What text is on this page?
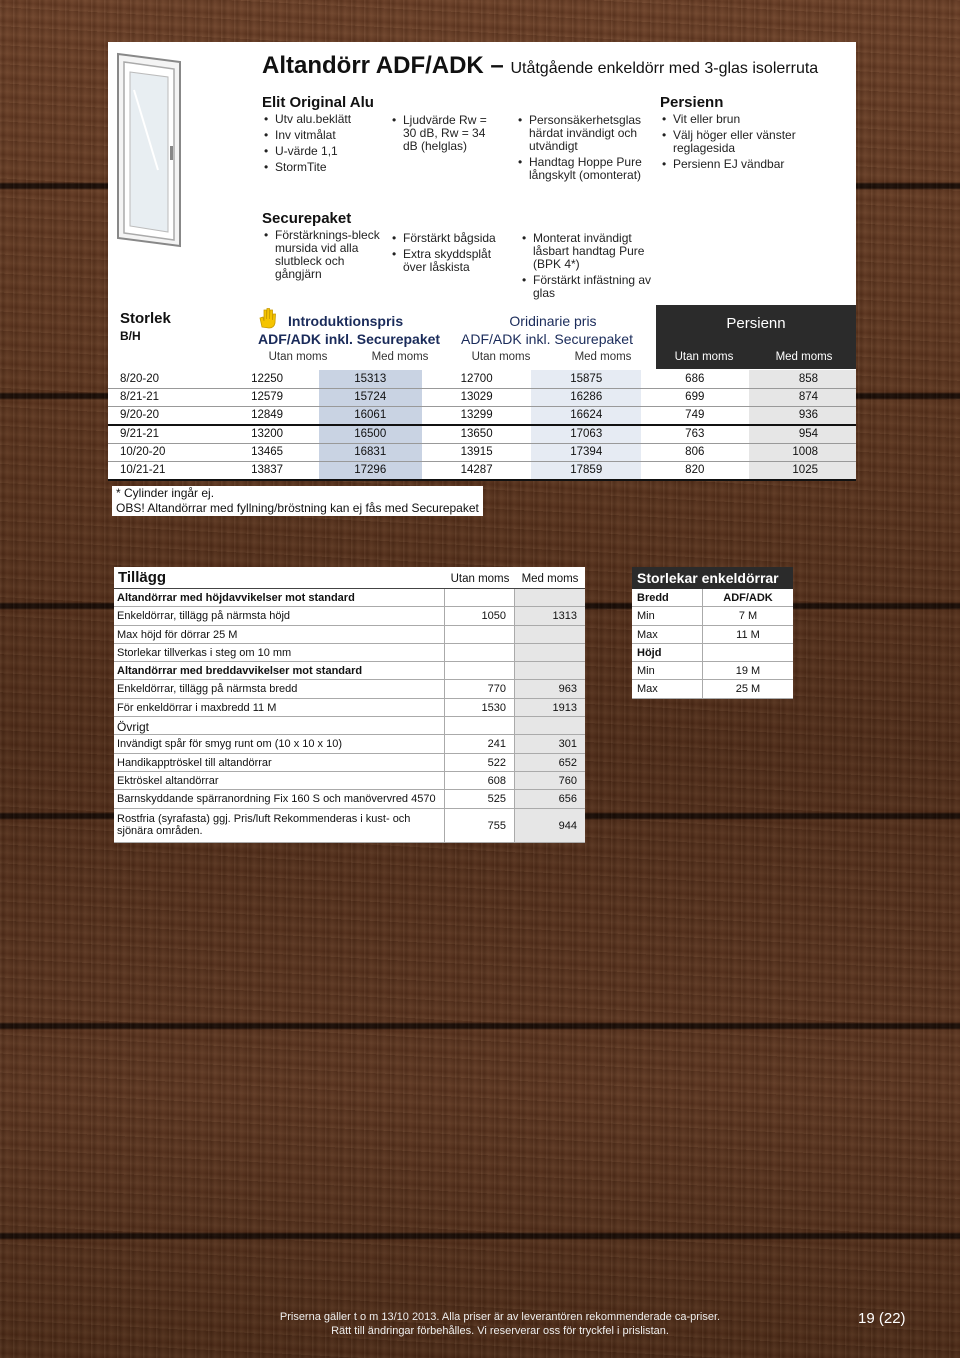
Altandörr ADF/ADK – Utåtgående enkeldörr med 3-glas isolerruta
Elit Original Alu
• Utv alu.beklätt
• Inv vitmålat
• U-värde 1,1
• StormTite
• Ljudvärde Rw = 30 dB, Rw = 34 dB (helglas)
• Personsäkerhetsglas härdat invändigt och utvändigt
• Handtag Hoppe Pure långskylt (omonterat)
Persienn
• Vit eller brun
• Välj höger eller vänster reglagesida
• Persienn EJ vändbar
Securepaket
• Förstärknings-bleck mursida vid alla slutbleck och gångjärn
• Förstärkt bågsida
• Extra skyddsplåt över låskista
• Monterat invändigt låsbart handtag Pure (BPK 4*)
• Förstärkt infästning av glas
Storlek
B/H
Introduktionspris
ADF/ADK inkl. Securepaket
Utan moms	Med moms
Oridinarie pris
ADF/ADK inkl. Securepaket
Utan moms	Med moms
Persienn
Utan moms	Med moms
8/20-20	12250	15313	12700	15875	686	858
8/21-21	12579	15724	13029	16286	699	874
9/20-20	12849	16061	13299	16624	749	936
9/21-21	13200	16500	13650	17063	763	954
10/20-20	13465	16831	13915	17394	806	1008
10/21-21	13837	17296	14287	17859	820	1025
* Cylinder ingår ej.
OBS! Altandörrar med fyllning/bröstning kan ej fås med Securepaket
Tillägg	Utan moms	Med moms
Altandörrar med höjdavvikelser mot standard
Enkeldörrar, tillägg på närmsta höjd	1050	1313
Max höjd för dörrar 25 M
Storlekar tillverkas i steg om 10 mm
Altandörrar med breddavvikelser mot standard
Enkeldörrar, tillägg på närmsta bredd	770	963
För enkeldörrar i maxbredd 11 M	1530	1913
Övrigt
Invändigt spår för smyg runt om (10 x 10 x 10)	241	301
Handikapptröskel till altandörrar	522	652
Ektröskel altandörrar	608	760
Barnskyddande spärranordning Fix 160 S och manövervred 4570	525	656
Rostfria (syrafasta) ggj. Pris/luft Rekommenderas i kust- och sjönära områden.	755	944
Storlekar enkeldörrar
Bredd	ADF/ADK
Min	7 M
Max	11 M
Höjd
Min	19 M
Max	25 M
Priserna gäller t o m 13/10 2013. Alla priser är av leverantören rekommenderade ca-priser.
Rätt till ändringar förbehålles. Vi reserverar oss för tryckfel i prislistan.
19 (22)
